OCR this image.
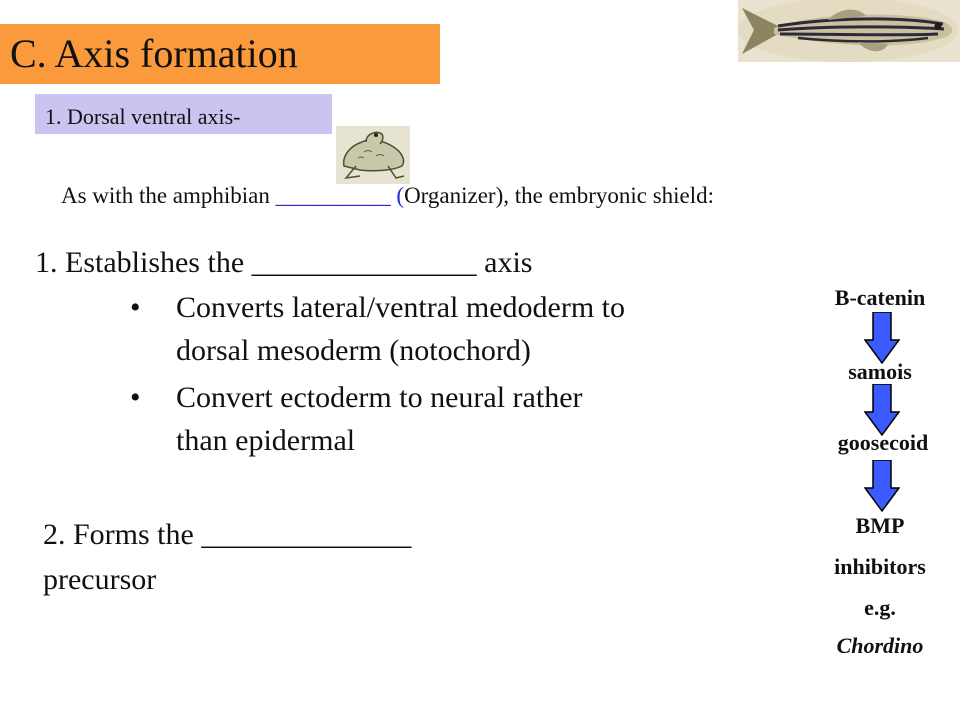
C. Axis formation
1. Dorsal ventral axis-
As with the amphibian __________ (Organizer), the embryonic shield:
1. Establishes the _______________ axis
• Converts lateral/ventral medoderm to
dorsal mesoderm (notochord)
• Convert ectoderm to neural rather
than epidermal
2. Forms the ______________
precursor
B-catenin
samois
goosecoid
BMP
inhibitors
e.g.
Chordino
